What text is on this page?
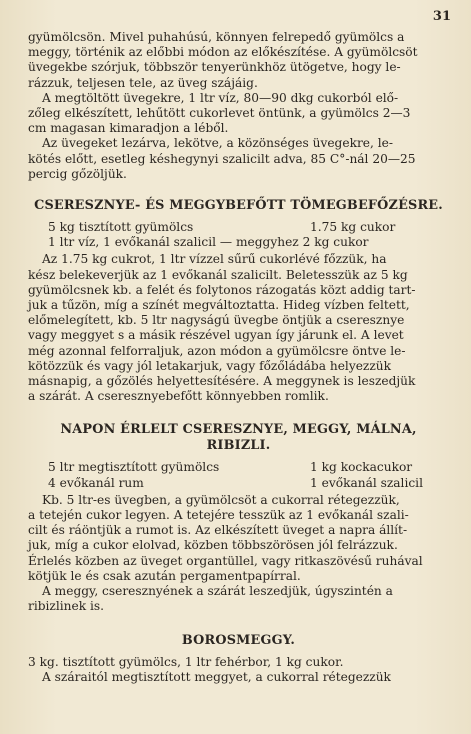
31

gyümölcsön. Mivel puhahúsú, könnyen felrepedő gyümölcs a
meggy, történik az előbbi módon az előkészítése. A gyümölcsöt
üvegekbe szórjuk, többször tenyerünkhöz ütögetve, hogy le-
rázzuk, teljesen tele, az üveg szájáig.

A megtöltött üvegekre, 1 ltr víz, 80—90 dkg cukorból elő-
zőleg elkészített, lehűtött cukorlevet öntünk, a gyümölcs 2—3
cm magasan kimaradjon a léből.

Az üvegeket lezárva, lekötve, a közönséges üvegekre, le-
kötés előtt, esetleg késhegynyi szalicilt adva, 85 C°-nál 20—25
percig gőzöljük.

CSERESZNYE- ÉS MEGGYBEFŐTT TÖMEGBEFŐZÉSRE.
5 kg tisztított gyümölcs	1.75 kg cukor
1 ltr víz, 1 evőkanál szalicil — meggyhez 2 kg cukor

Az 1.75 kg cukrot, 1 ltr vízzel sűrű cukorlévé főzzük, ha
kész belekeverjük az 1 evőkanál szalicilt. Beletesszük az 5 kg
gyümölcsnek kb. a felét és folytonos rázogatás közt addig tart-
juk a tűzön, míg a színét megváltoztatta. Hideg vízben feltett,
előmelegített, kb. 5 ltr nagyságú üvegbe öntjük a cseresznye
vagy meggyet s a másik részével ugyan így járunk el. A levet
még azonnal felforraljuk, azon módon a gyümölcsre öntve le-
kötözzük és vagy jól letakarjuk, vagy főzőládába helyezzük
másnapig, a gőzölés helyettesítésére. A meggynek is leszedjük
a szárát. A cseresznyebefőtt könnyebben romlik.

NAPON ÉRLELT CSERESZNYE, MEGGY, MÁLNA,
RIBIZLI.
5 ltr megtisztított gyümölcs	1 kg kockacukor
4 evőkanál rum	1 evőkanál szalicil

Kb. 5 ltr-es üvegben, a gyümölcsöt a cukorral rétegezzük,
a tetején cukor legyen. A tetejére tesszük az 1 evőkanál szali-
cilt és ráöntjük a rumot is. Az elkészített üveget a napra állít-
juk, míg a cukor elolvad, közben többszörösen jól felrázzuk.
Érlelés közben az üveget organtüllel, vagy ritkaszövésű ruhával
kötjük le és csak azután pergamentpapírral.

A meggy, cseresznyének a szárát leszedjük, úgyszintén a
ribizlinek is.

BOROSMEGGY.

3 kg. tisztított gyümölcs, 1 ltr fehérbor, 1 kg cukor.
A száraitól megtisztított meggyet, a cukorral rétegezzük
